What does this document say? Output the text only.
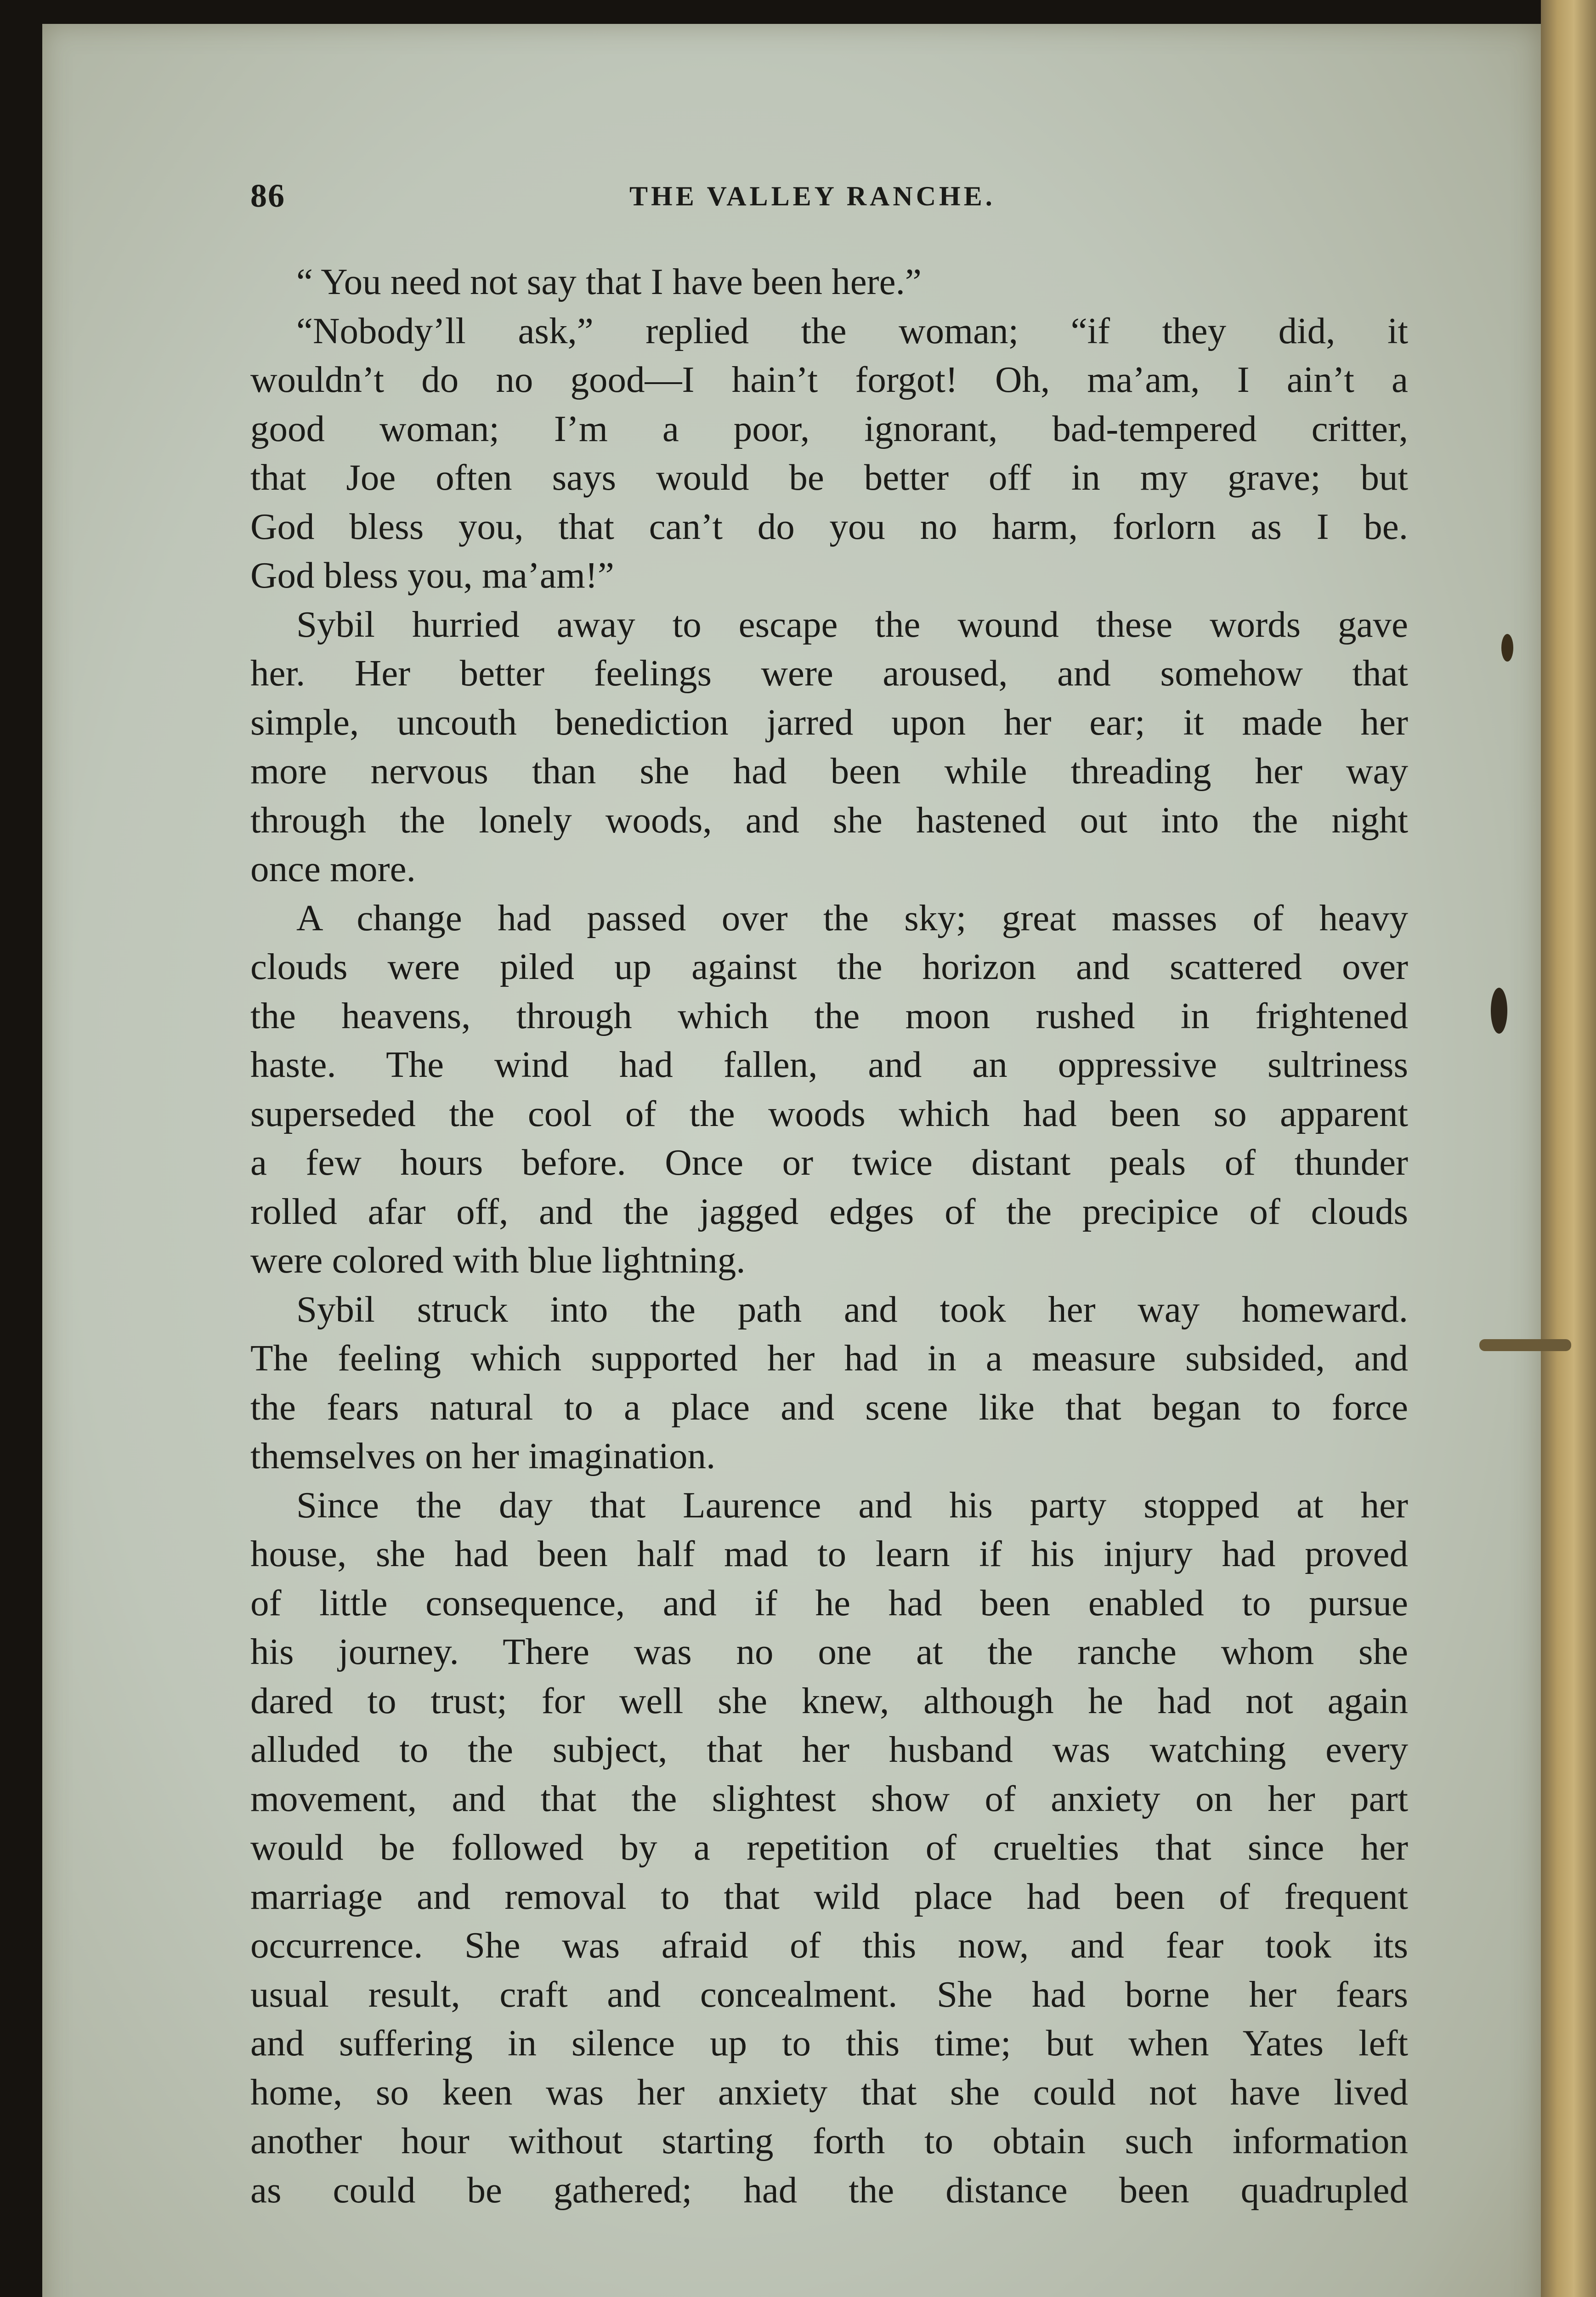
86	THE VALLEY RANCHE.
“ You need not say that I have been here.”
“Nobody’ll ask,” replied the woman; “if they did, it
wouldn’t do no good—I hain’t forgot! Oh, ma’am, I ain’t a
good woman; I’m a poor, ignorant, bad-tempered critter,
that Joe often says would be better off in my grave; but
God bless you, that can’t do you no harm, forlorn as I be.
God bless you, ma’am!”
Sybil hurried away to escape the wound these words gave
her. Her better feelings were aroused, and somehow that
simple, uncouth benediction jarred upon her ear; it made her
more nervous than she had been while threading her way
through the lonely woods, and she hastened out into the night
once more.
A change had passed over the sky; great masses of heavy
clouds were piled up against the horizon and scattered over
the heavens, through which the moon rushed in frightened
haste. The wind had fallen, and an oppressive sultriness
superseded the cool of the woods which had been so apparent
a few hours before. Once or twice distant peals of thunder
rolled afar off, and the jagged edges of the precipice of clouds
were colored with blue lightning.
Sybil struck into the path and took her way homeward.
The feeling which supported her had in a measure subsided, and
the fears natural to a place and scene like that began to force
themselves on her imagination.
Since the day that Laurence and his party stopped at her
house, she had been half mad to learn if his injury had proved
of little consequence, and if he had been enabled to pursue
his journey. There was no one at the ranche whom she
dared to trust; for well she knew, although he had not again
alluded to the subject, that her husband was watching every
movement, and that the slightest show of anxiety on her part
would be followed by a repetition of cruelties that since her
marriage and removal to that wild place had been of frequent
occurrence. She was afraid of this now, and fear took its
usual result, craft and concealment. She had borne her fears
and suffering in silence up to this time; but when Yates left
home, so keen was her anxiety that she could not have lived
another hour without starting forth to obtain such information
as could be gathered; had the distance been quadrupled
